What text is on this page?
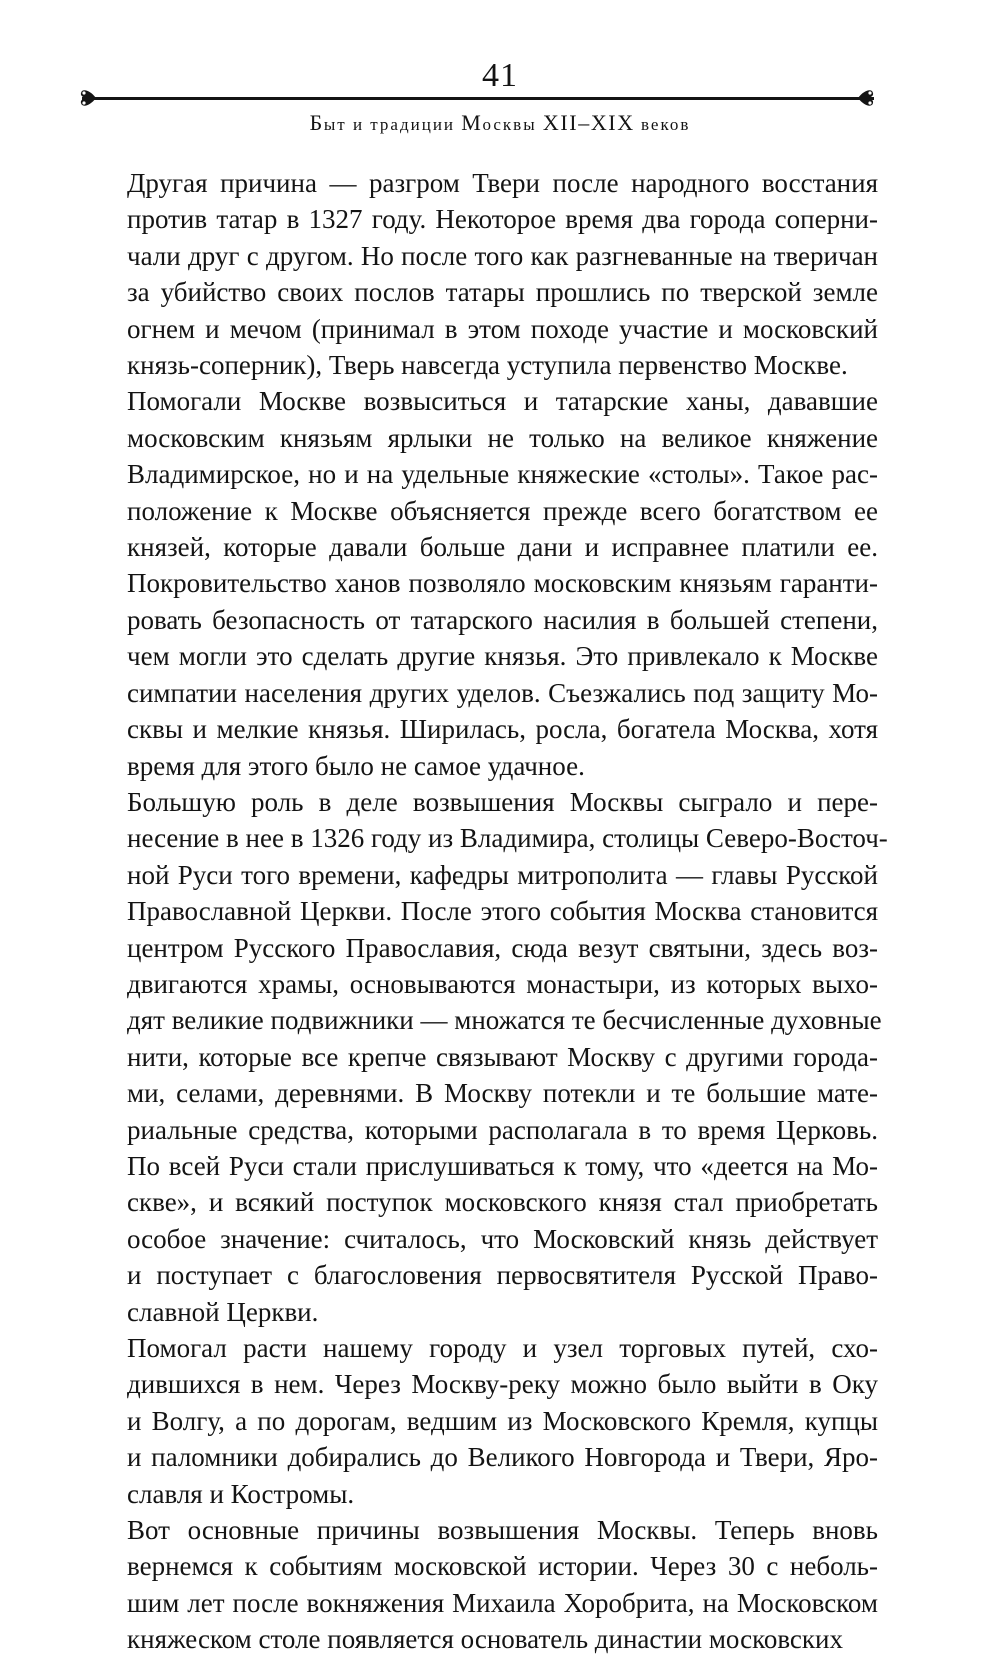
41
Быт и традиции Москвы XII–XIX веков
Другая причина — разгром Твери после народного восстания
против татар в 1327 году. Некоторое время два города соперни-
чали друг с другом. Но после того как разгневанные на тверичан
за убийство своих послов татары прошлись по тверской земле
огнем и мечом (принимал в этом походе участие и московский
князь-соперник), Тверь навсегда уступила первенство Москве.
Помогали Москве возвыситься и татарские ханы, дававшие
московским князьям ярлыки не только на великое княжение
Владимирское, но и на удельные княжеские «столы». Такое рас-
положение к Москве объясняется прежде всего богатством ее
князей, которые давали больше дани и исправнее платили ее.
Покровительство ханов позволяло московским князьям гаранти-
ровать безопасность от татарского насилия в большей степени,
чем могли это сделать другие князья. Это привлекало к Москве
симпатии населения других уделов. Съезжались под защиту Мо-
сквы и мелкие князья. Ширилась, росла, богатела Москва, хотя
время для этого было не самое удачное.
Большую роль в деле возвышения Москвы сыграло и пере-
несение в нее в 1326 году из Владимира, столицы Северо-Восточ-
ной Руси того времени, кафедры митрополита — главы Русской
Православной Церкви. После этого события Москва становится
центром Русского Православия, сюда везут святыни, здесь воз-
двигаются храмы, основываются монастыри, из которых выхо-
дят великие подвижники — множатся те бесчисленные духовные
нити, которые все крепче связывают Москву с другими города-
ми, селами, деревнями. В Москву потекли и те большие мате-
риальные средства, которыми располагала в то время Церковь.
По всей Руси стали прислушиваться к тому, что «деется на Мо-
скве», и всякий поступок московского князя стал приобретать
особое значение: считалось, что Московский князь действует
и поступает с благословения первосвятителя Русской Право-
славной Церкви.
Помогал расти нашему городу и узел торговых путей, схо-
дившихся в нем. Через Москву-реку можно было выйти в Оку
и Волгу, а по дорогам, ведшим из Московского Кремля, купцы
и паломники добирались до Великого Новгорода и Твери, Яро-
славля и Костромы.
Вот основные причины возвышения Москвы. Теперь вновь
вернемся к событиям московской истории. Через 30 с неболь-
шим лет после вокняжения Михаила Хоробрита, на Московском
княжеском столе появляется основатель династии московских
